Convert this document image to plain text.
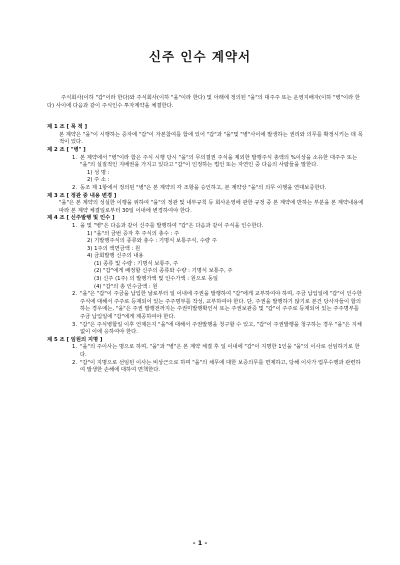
신주 인수 계약서
주식회사(이하 "갑"이라 한다)와 주식회사(이하 "을"이라 한다) 및 아래에 정의된 "을"의 대주주 또는 운영지배자(이하 "병"이라 한다) 사이에 다음과 같이 주식인수 투자계약을 체결한다.
제 1 조 [ 목 적 ]
본 계약은 "을"이 시행하는 증자에 "갑"이 자본참여를 함에 있어 "갑"과 "을"및 "병"사이에 발생하는 권리와 의무를 확정시키는 데 목적이 있다.
제 2 조 [ "병" ]
1. 본 계약에서 "병"이라 함은 주식 시행 당시 "을"의 무의결권 주식을 제외한 발행주식 총액의 %이상을 소유한 대주주 또는 "을"의 실질적인 지배권을 가지고 있다고 "갑"이 인정하는 법인 또는 자연인 중 다음의 사람들을 말한다.
1) 성 명 :
2) 주 소 :
2. 동조 제 1항에서 정의된 "병"은 본 계약의 각 조항을 승인하고, 본 계약상 "을"의 의무 이행을 연대보증한다.
제 3 조 [ 정관 중 내용 변경 ]
"을"은 본 계약의 성실한 이행을 위하여 "을"의 정관 및 내부규칙 등 회사운영에 관한 규정 중 본 계약에 반하는 부분을 본 계약내용에 따라 본 계약 체결일로부터 30일 이내에 변경하여야 한다.
제 4 조 [ 신주발행 및 인수 ]
1. 을 및 "병"은 다음과 같이 신주를 발행하여 "갑"은 다음과 같이 주식을 인수한다.
1) "을"의 금번 증자 후 주식의 총수 : 주
2) 기발행주식의 종류와 총수 : 기명식 보통주식, 수량 주
3) 1주의 액면금액 : 원
4) 금회발행 신주의 내용
(1) 종류 및 수량 : 기명식 보통주, 주
(2) "갑"에게 배정할 신주의 종류와 수량 : 기명식 보통주, 주
(3) 신주 (1주) 의 발행가액 및 인수가액 : 원으로 동일
(4) "갑"의 총 인수금액 : 원
2. "을"은 "갑"이 주금을 납입한 날로부터 일 이내에 주권을 발행하여 "갑"에게 교부하여야 하며, 주금 납입일에 "갑"이 인수한 주식에 대해서 주주로 등재되어 있는 주주명부를 작성, 교부하여야 한다. 단, 주권을 발행하기 않기로 본건 당사자들이 합의하는 경우에는, "을"은 주권 발행전까지는 주권미발행확인서 또는 주권보관증 및 "갑"이 주주로 등재되어 있는 주주명부를 주금 납입일에 "갑"에게 제공하여야 한다.
3. "갑"은 주식병합일 이후 언제든지 "을"에 대해서 주권발행을 청구할 수 있고, "갑"이 주권발행을 청구하는 경우 "을"은 지체 없이 이에 응하여야 한다.
제 5 조 [ 임원의 지명 ]
1. "을"의 주이사는 명으로 하며, "을"과 "병"은 본 계약 체결 후 일 이내에 "갑"이 지명한 1인을 "을"의 이사로 선임하기로 한다.
2. "갑"이 지명으로 선임된 이사는 비상근으로 하며 "을"의 채무에 대한 보증의무를 면제하고, 당해 이사가 업무수행과 관련하여 발생한 손해에 대하여 면책한다.
- 1 -
